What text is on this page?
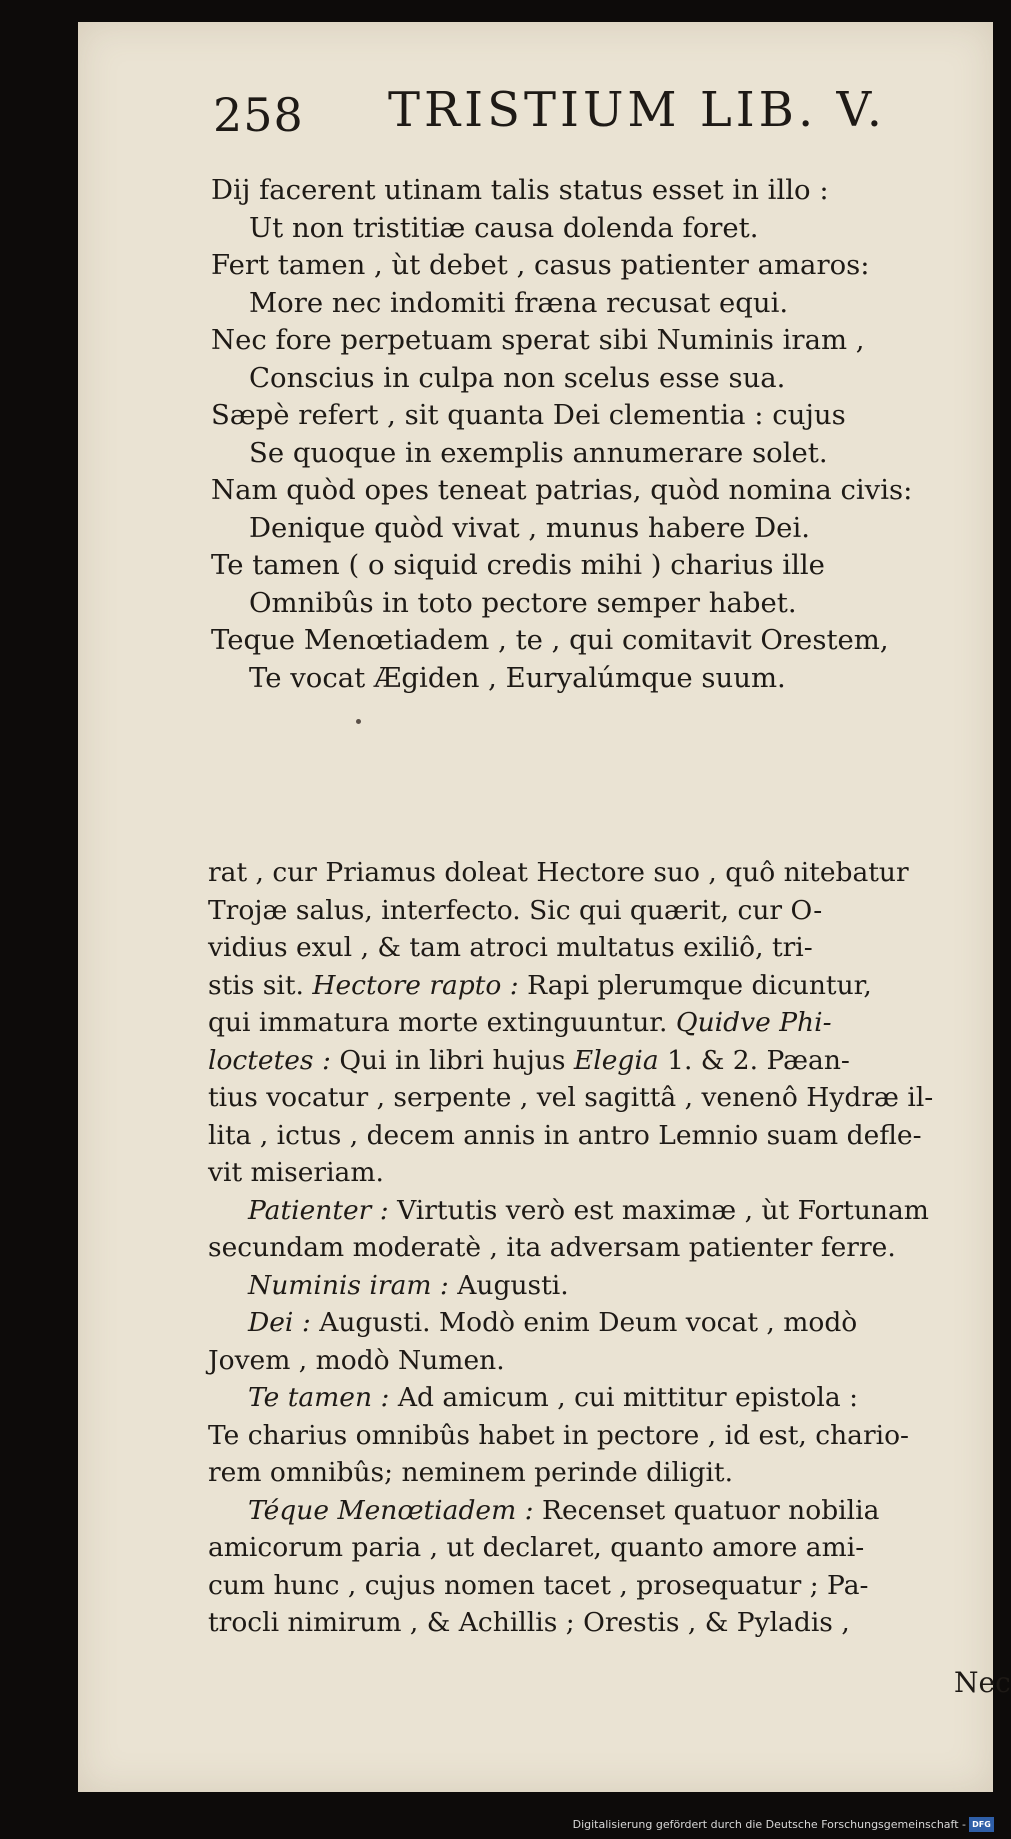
258 TRISTIUM LIB. V.
Dij facerent utinam talis status esset in illo :
Ut non tristitiæ causa dolenda foret.
Fert tamen , ùt debet , casus patienter amaros:
More nec indomiti fræna recusat equi.
Nec fore perpetuam sperat sibi Numinis iram ,
Conscius in culpa non scelus esse sua.
Sæpè refert , sit quanta Dei clementia : cujus
Se quoque in exemplis annumerare solet.
Nam quòd opes teneat patrias, quòd nomina civis:
Denique quòd vivat , munus habere Dei.
Te tamen ( o siquid credis mihi ) charius ille
Omnibûs in toto pectore semper habet.
Teque Menœtiadem , te , qui comitavit Orestem,
Te vocat Ægiden , Euryalúmque suum.
rat , cur Priamus doleat Hectore suo , quô nitebatur
Trojæ salus, interfecto. Sic qui quærit, cur O-
vidius exul , & tam atroci multatus exiliô, tri-
stis sit. Hectore rapto : Rapi plerumque dicuntur,
qui immatura morte extinguuntur. Quidve Phi-
loctetes : Qui in libri hujus Elegia 1. & 2. Pæan-
tius vocatur , serpente , vel sagittâ , venenô Hydræ il-
lita , ictus , decem annis in antro Lemnio suam defle-
vit miseriam.
Patienter : Virtutis verò est maximæ , ùt Fortunam
secundam moderatè , ita adversam patienter ferre.
Numinis iram : Augusti.
Dei : Augusti. Modò enim Deum vocat , modò
Jovem , modò Numen.
Te tamen : Ad amicum , cui mittitur epistola :
Te charius omnibûs habet in pectore , id est, chario-
rem omnibûs; neminem perinde diligit.
Téque Menœtiadem : Recenset quatuor nobilia
amicorum paria , ut declaret, quanto amore ami-
cum hunc , cujus nomen tacet , prosequatur ; Pa-
trocli nimirum , & Achillis ; Orestis , & Pyladis ,
Nec
Digitalisierung gefördert durch die Deutsche Forschungsgemeinschaft - DFG
